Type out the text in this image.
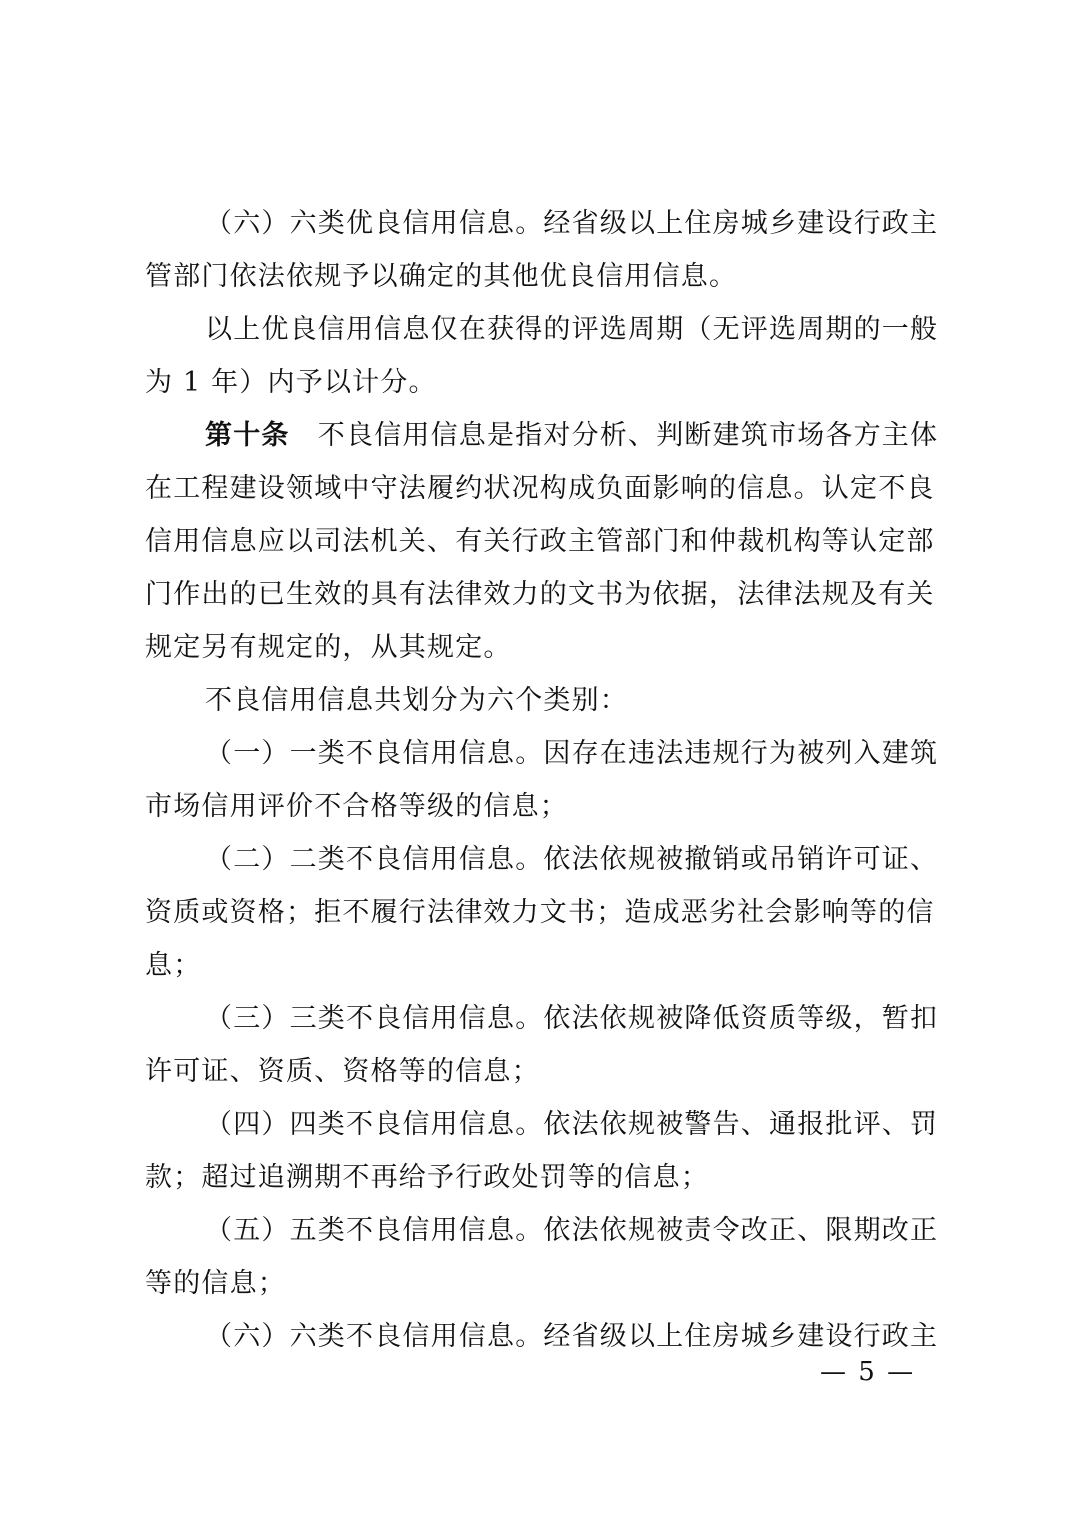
（六）六类优良信用信息。经省级以上住房城乡建设行政主
管部门依法依规予以确定的其他优良信用信息。

以上优良信用信息仅在获得的评选周期（无评选周期的一般
为 1 年）内予以计分。

第十条　不良信用信息是指对分析、判断建筑市场各方主体
在工程建设领域中守法履约状况构成负面影响的信息。认定不良
信用信息应以司法机关、有关行政主管部门和仲裁机构等认定部
门作出的已生效的具有法律效力的文书为依据，法律法规及有关
规定另有规定的，从其规定。

不良信用信息共划分为六个类别：

（一）一类不良信用信息。因存在违法违规行为被列入建筑
市场信用评价不合格等级的信息；

（二）二类不良信用信息。依法依规被撤销或吊销许可证、
资质或资格；拒不履行法律效力文书；造成恶劣社会影响等的信
息；

（三）三类不良信用信息。依法依规被降低资质等级，暂扣
许可证、资质、资格等的信息；

（四）四类不良信用信息。依法依规被警告、通报批评、罚
款；超过追溯期不再给予行政处罚等的信息；

（五）五类不良信用信息。依法依规被责令改正、限期改正
等的信息；

（六）六类不良信用信息。经省级以上住房城乡建设行政主

— 5 —
